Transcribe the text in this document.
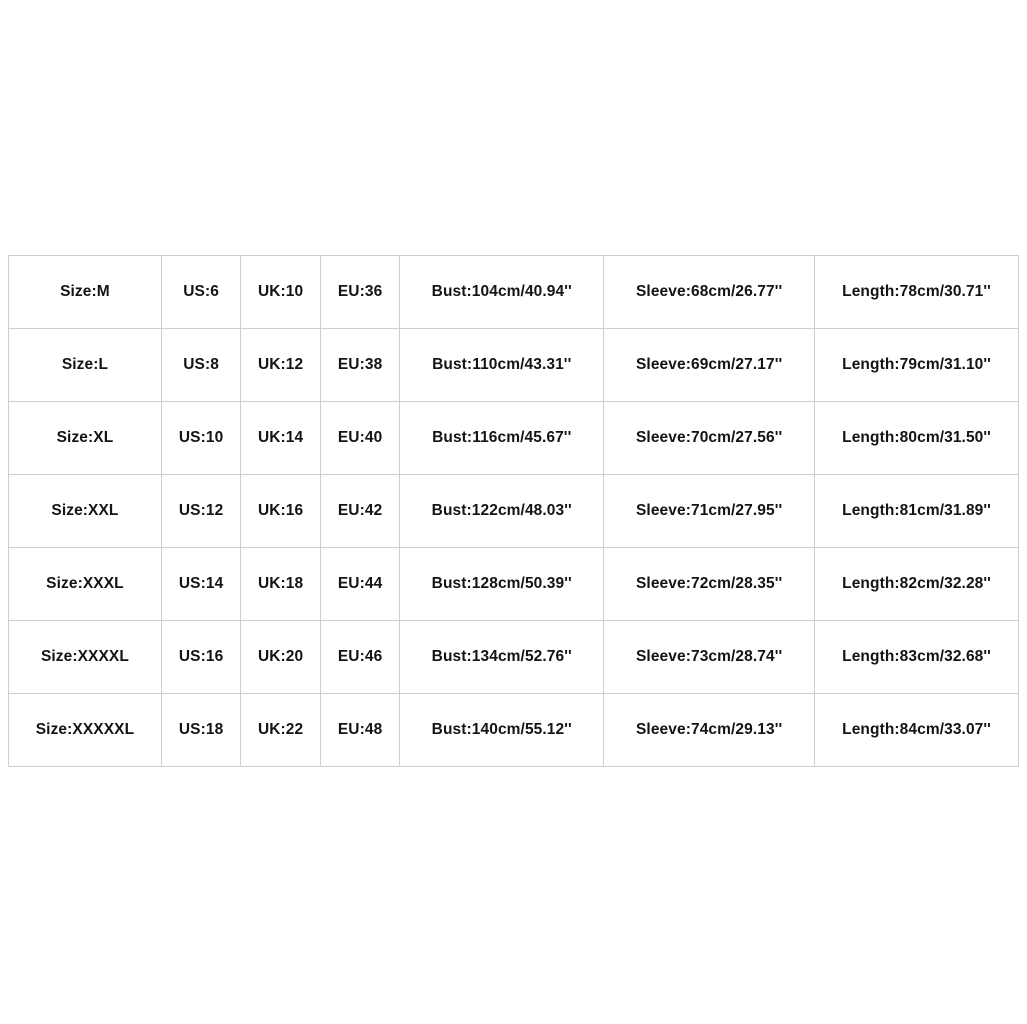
Size:M	US:6	UK:10	EU:36	Bust:104cm/40.94''	Sleeve:68cm/26.77''	Length:78cm/30.71''
Size:L	US:8	UK:12	EU:38	Bust:110cm/43.31''	Sleeve:69cm/27.17''	Length:79cm/31.10''
Size:XL	US:10	UK:14	EU:40	Bust:116cm/45.67''	Sleeve:70cm/27.56''	Length:80cm/31.50''
Size:XXL	US:12	UK:16	EU:42	Bust:122cm/48.03''	Sleeve:71cm/27.95''	Length:81cm/31.89''
Size:XXXL	US:14	UK:18	EU:44	Bust:128cm/50.39''	Sleeve:72cm/28.35''	Length:82cm/32.28''
Size:XXXXL	US:16	UK:20	EU:46	Bust:134cm/52.76''	Sleeve:73cm/28.74''	Length:83cm/32.68''
Size:XXXXXL	US:18	UK:22	EU:48	Bust:140cm/55.12''	Sleeve:74cm/29.13''	Length:84cm/33.07''
